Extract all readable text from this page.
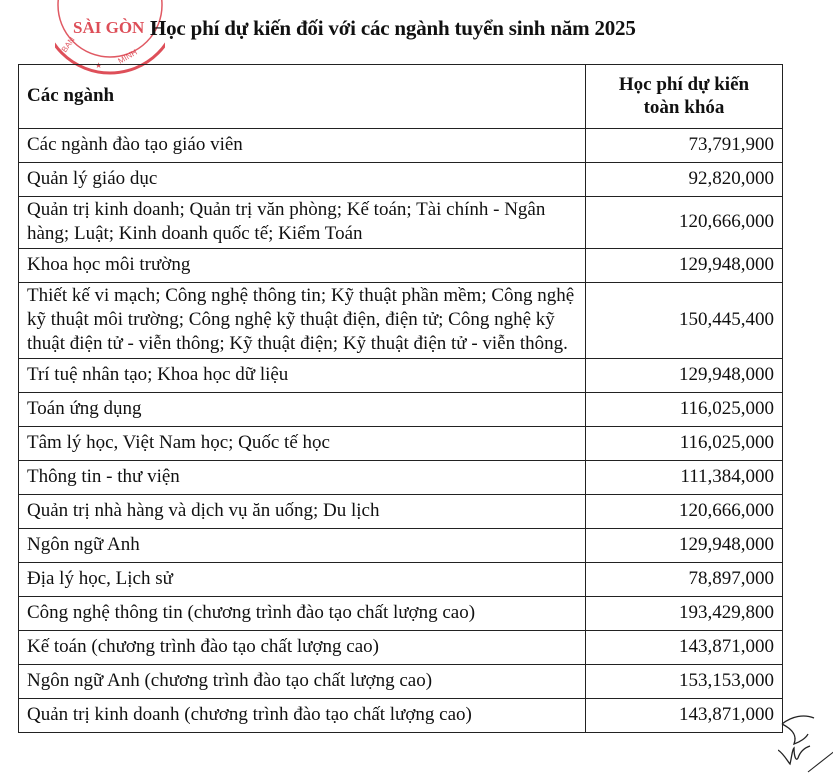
SÀI GÒN
BAN
★ MINH
Học phí dự kiến đối với các ngành tuyển sinh năm 2025
Các ngành	Học phí dự kiến
toàn khóa
Các ngành đào tạo giáo viên	73,791,900
Quản lý giáo dục	92,820,000
Quản trị kinh doanh; Quản trị văn phòng; Kế toán; Tài chính - Ngân hàng; Luật; Kinh doanh quốc tế; Kiểm Toán	120,666,000
Khoa học môi trường	129,948,000
Thiết kế vi mạch; Công nghệ thông tin; Kỹ thuật phần mềm; Công nghệ kỹ thuật môi trường; Công nghệ kỹ thuật điện, điện tử; Công nghệ kỹ thuật điện tử - viễn thông; Kỹ thuật điện; Kỹ thuật điện tử - viễn thông.	150,445,400
Trí tuệ nhân tạo; Khoa học dữ liệu	129,948,000
Toán ứng dụng	116,025,000
Tâm lý học, Việt Nam học; Quốc tế học	116,025,000
Thông tin - thư viện	111,384,000
Quản trị nhà hàng và dịch vụ ăn uống; Du lịch	120,666,000
Ngôn ngữ Anh	129,948,000
Địa lý học, Lịch sử	78,897,000
Công nghệ thông tin (chương trình đào tạo chất lượng cao)	193,429,800
Kế toán (chương trình đào tạo chất lượng cao)	143,871,000
Ngôn ngữ Anh (chương trình đào tạo chất lượng cao)	153,153,000
Quản trị kinh doanh (chương trình đào tạo chất lượng cao)	143,871,000
